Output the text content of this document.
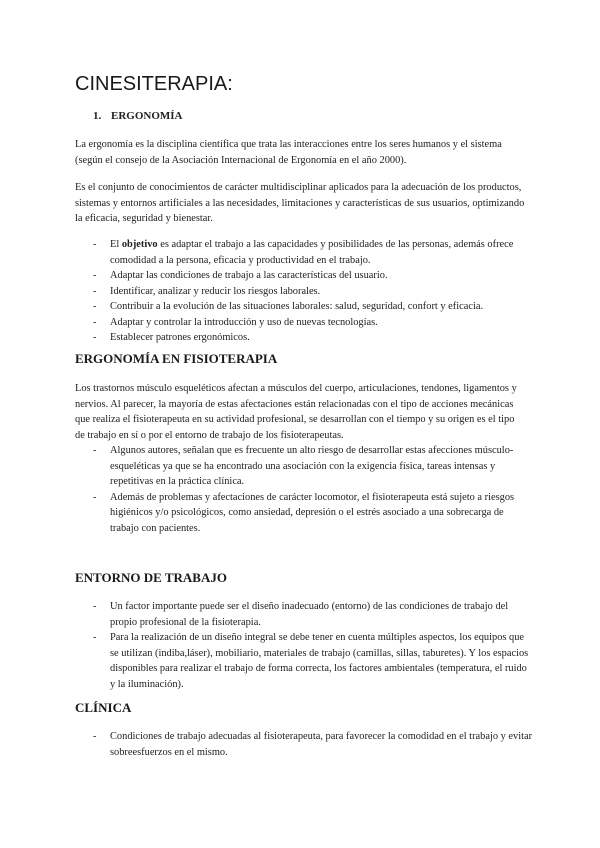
CINESITERAPIA:
1. ERGONOMÍA

La ergonomía es la disciplina científica que trata las interacciones entre los seres humanos y el sistema (según el consejo de la Asociación Internacional de Ergonomía en el año 2000).

Es el conjunto de conocimientos de carácter multidisciplinar aplicados para la adecuación de los productos, sistemas y entornos artificiales a las necesidades, limitaciones y características de sus usuarios, optimizando la eficacia, seguridad y bienestar.

- El objetivo es adaptar el trabajo a las capacidades y posibilidades de las personas, además ofrece comodidad a la persona, eficacia y productividad en el trabajo.
- Adaptar las condiciones de trabajo a las características del usuario.
- Identificar, analizar y reducir los riesgos laborales.
- Contribuir a la evolución de las situaciones laborales: salud, seguridad, confort y eficacia.
- Adaptar y controlar la introducción y uso de nuevas tecnologías.
- Establecer patrones ergonómicos.
ERGONOMÍA EN FISIOTERAPIA

Los trastornos músculo esqueléticos afectan a músculos del cuerpo, articulaciones, tendones, ligamentos y nervios. Al parecer, la mayoría de estas afectaciones están relacionadas con el tipo de acciones mecánicas que realiza el fisioterapeuta en su actividad profesional, se desarrollan con el tiempo y su origen es el tipo de trabajo en sí o por el entorno de trabajo de los fisioterapeutas.

- Algunos autores, señalan que es frecuente un alto riesgo de desarrollar estas afecciones músculo-esqueléticas ya que se ha encontrado una asociación con la exigencia física, tareas intensas y repetitivas en la práctica clínica.
- Además de problemas y afectaciones de carácter locomotor, el fisioterapeuta está sujeto a riesgos higiénicos y/o psicológicos, como ansiedad, depresión o el estrés asociado a una sobrecarga de trabajo con pacientes.
ENTORNO DE TRABAJO
- Un factor importante puede ser el diseño inadecuado (entorno) de las condiciones de trabajo del propio profesional de la fisioterapia.
- Para la realización de un diseño integral se debe tener en cuenta múltiples aspectos, los equipos que se utilizan (indiba,láser), mobiliario, materiales de trabajo (camillas, sillas, taburetes). Y los espacios disponibles para realizar el trabajo de forma correcta, los factores ambientales (temperatura, el ruido y la iluminación).
CLÍNICA
- Condiciones de trabajo adecuadas al fisioterapeuta, para favorecer la comodidad en el trabajo y evitar sobreesfuerzos en el mismo.
